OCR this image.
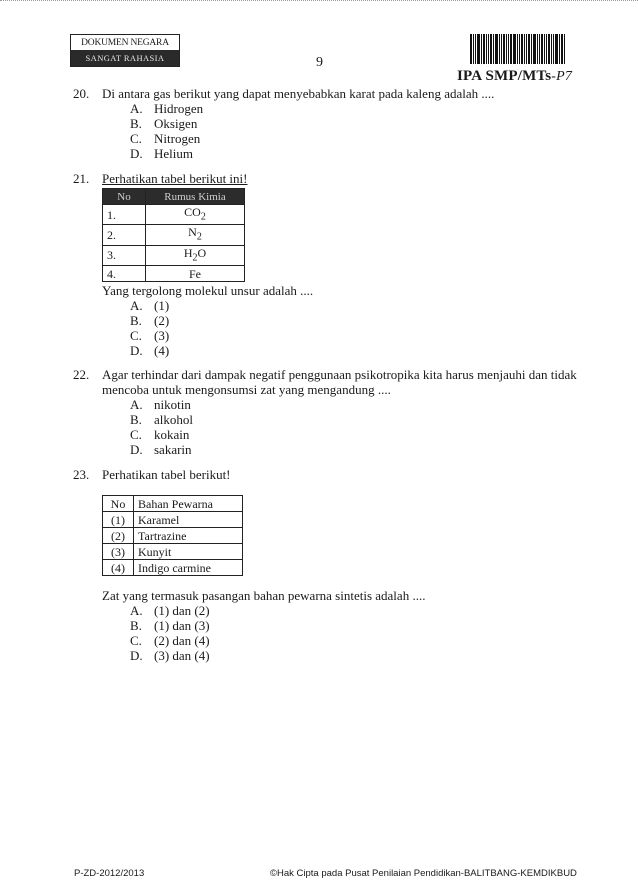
DOKUMEN NEGARA
SANGAT RAHASIA	9
IPA SMP/MTs-P7
20. Di antara gas berikut yang dapat menyebabkan karat pada kaleng adalah ....
A. Hidrogen
B. Oksigen
C. Nitrogen
D. Helium
21. Perhatikan tabel berikut ini!
No	Rumus Kimia
1.	$CO_2$
2.	$N_2$
3.	$H_2O$
4.	Fe
Yang tergolong molekul unsur adalah ....
A. (1)
B. (2)
C. (3)
D. (4)
22. Agar terhindar dari dampak negatif penggunaan psikotropika kita harus menjauhi dan tidak
mencoba untuk mengonsumsi zat yang mengandung ....
A. nikotin
B. alkohol
C. kokain
D. sakarin
23. Perhatikan tabel berikut!
No	Bahan Pewarna
(1)	Karamel
(2)	Tartrazine
(3)	Kunyit
(4)	Indigo carmine
Zat yang termasuk pasangan bahan pewarna sintetis adalah ....
A. (1) dan (2)
B. (1) dan (3)
C. (2) dan (4)
D. (3) dan (4)
P-ZD-2012/2013	©Hak Cipta pada Pusat Penilaian Pendidikan-BALITBANG-KEMDIKBUD
